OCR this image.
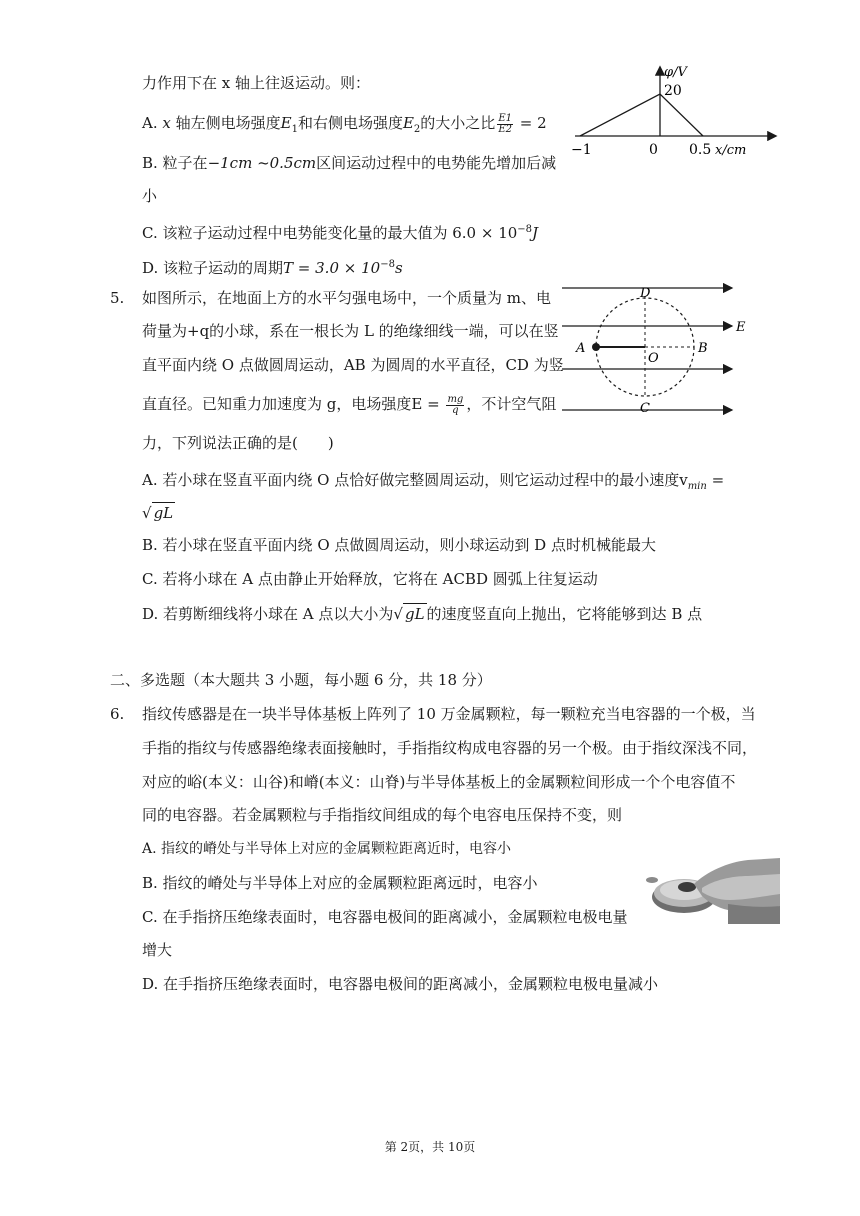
力作用下在 x 轴上往返运动。则：
A. x 轴左侧电场强度$E_1$和右侧电场强度$E_2$的大小之比 $\frac{E1}{E2} = 2$
B. 粒子在−1cm ~0.5cm区间运动过程中的电势能先增加后减
小
C. 该粒子运动过程中电势能变化量的最大值为 $6.0 \times 10^{-8}J$
D. 该粒子运动的周期$T = 3.0 \times 10^{-8}s$
φ/V
20
−1	0 0.5 x/cm
5. 如图所示，在地面上方的水平匀强电场中，一个质量为 m、电
荷量为+q的小球，系在一根长为 L 的绝缘细线一端，可以在竖
直平面内绕 O 点做圆周运动，AB 为圆周的水平直径，CD 为竖
直直径。已知重力加速度为 g，电场强度$E = \frac{mg}{q}$ ，不计空气阻
力，下列说法正确的是(　　)
A. 若小球在竖直平面内绕 O 点恰好做完整圆周运动，则它运动过程中的最小速度$v_{min}$ =
√ gL
B. 若小球在竖直平面内绕 O 点做圆周运动，则小球运动到 D 点时机械能最大
C. 若将小球在 A 点由静止开始释放，它将在 ACBD 圆弧上往复运动
D. 若剪断细线将小球在 A 点以大小为√ gL 的速度竖直向上抛出，它将能够到达 B 点
D
A
O
B
C
E
二、多选题（本大题共 3 小题，每小题 6 分，共 18 分）
6. 指纹传感器是在一块半导体基板上阵列了 10 万金属颗粒，每一颗粒充当电容器的一个极，当
手指的指纹与传感器绝缘表面接触时，手指指纹构成电容器的另一个极。由于指纹深浅不同，
对应的峪(本义：山谷)和嵴(本义：山脊)与半导体基板上的金属颗粒间形成一个个电容值不
同的电容器。若金属颗粒与手指指纹间组成的每个电容电压保持不变，则
A. 指纹的嵴处与半导体上对应的金属颗粒距离近时，电容小
B. 指纹的嵴处与半导体上对应的金属颗粒距离远时，电容小
C. 在手指挤压绝缘表面时，电容器电极间的距离减小，金属颗粒电极电量
增大
D. 在手指挤压绝缘表面时，电容器电极间的距离减小，金属颗粒电极电量减小
第 2页，共 10页
